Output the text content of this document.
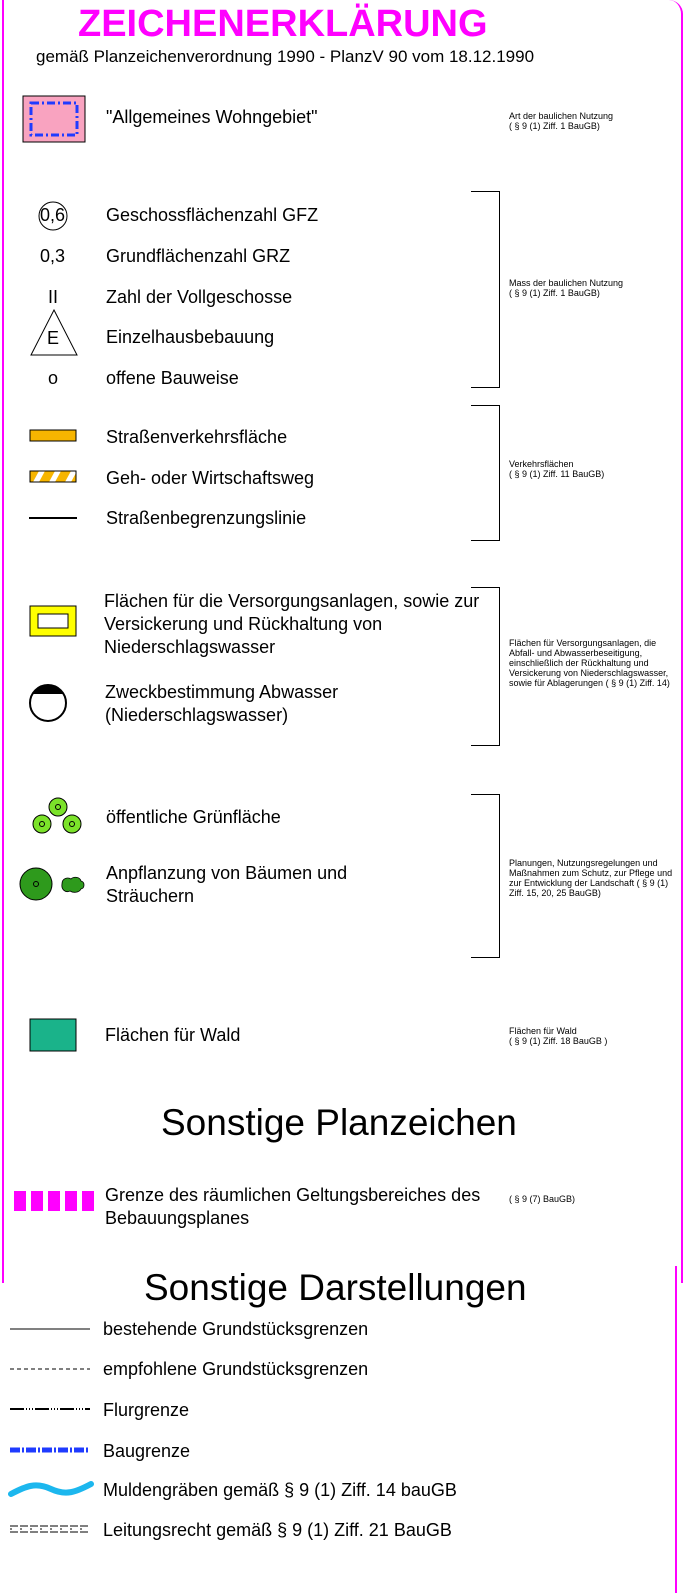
ZEICHENERKLÄRUNG
gemäß Planzeichenverordnung 1990 - PlanzV 90 vom 18.12.1990
"Allgemeines Wohngebiet"	Art der baulichen Nutzung
( § 9 (1) Ziff. 1 BauGB)
0,6 Geschossflächenzahl GFZ
0,3 Grundflächenzahl GRZ
II	Zahl der Vollgeschosse
E	Einzelhausbebauung
o	offene Bauweise
Mass der baulichen Nutzung
( § 9 (1) Ziff. 1 BauGB)
Straßenverkehrsfläche
Geh- oder Wirtschaftsweg
Straßenbegrenzungslinie
Verkehrsflächen
( § 9 (1) Ziff. 11 BauGB)
Flächen für die Versorgungsanlagen, sowie zur
Versickerung und Rückhaltung von
Niederschlagswasser
Zweckbestimmung Abwasser
(Niederschlagswasser)
Flächen für Versorgungsanlagen, die
Abfall- und Abwasserbeseitigung,
einschließlich der Rückhaltung und
Versickerung von Niederschlagswasser,
sowie für Ablagerungen ( § 9 (1) Ziff. 14)
öffentliche Grünfläche
Anpflanzung von Bäumen und
Sträuchern
Planungen, Nutzungsregelungen und
Maßnahmen zum Schutz, zur Pflege und
zur Entwicklung der Landschaft ( § 9 (1)
Ziff. 15, 20, 25 BauGB)
Flächen für Wald	Flächen für Wald
( § 9 (1) Ziff. 18 BauGB )
Sonstige Planzeichen
Grenze des räumlichen Geltungsbereiches des
Bebauungsplanes
( § 9 (7) BauGB)
Sonstige Darstellungen
bestehende Grundstücksgrenzen
empfohlene Grundstücksgrenzen
Flurgrenze
Baugrenze
Muldengräben gemäß § 9 (1) Ziff. 14 bauGB
Leitungsrecht gemäß § 9 (1) Ziff. 21 BauGB
